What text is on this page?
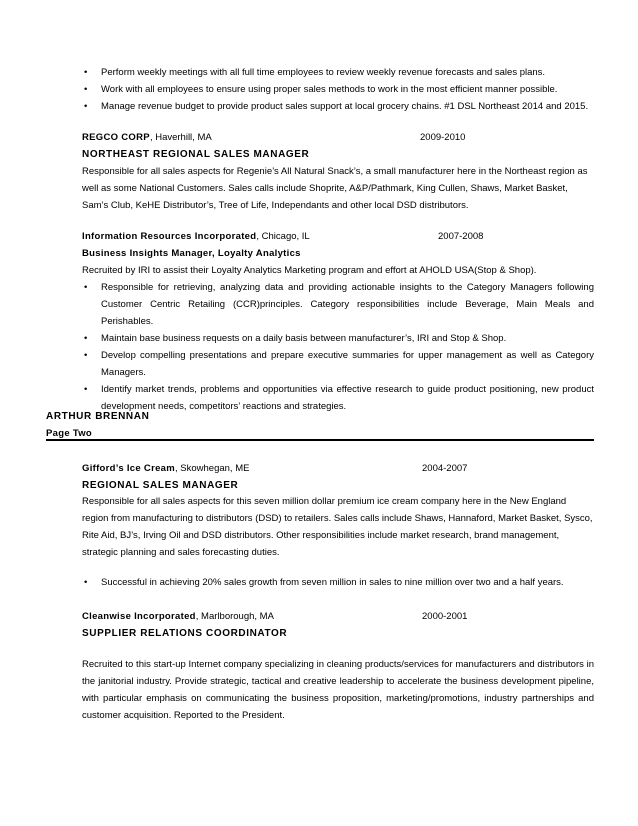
• Perform weekly meetings with all full time employees to review weekly revenue forecasts and sales plans.
• Work with all employees to ensure using proper sales methods to work in the most efficient manner possible.
• Manage revenue budget to provide product sales support at local grocery chains. #1 DSL Northeast 2014 and 2015.
REGCO CORP, Haverhill, MA	2009-2010
NORTHEAST REGIONAL SALES MANAGER
Responsible for all sales aspects for Regenie’s All Natural Snack’s, a small manufacturer here in the Northeast region as well as some National Customers. Sales calls include Shoprite, A&P/Pathmark, King Cullen, Shaws, Market Basket, Sam’s Club, KeHE Distributor’s, Tree of Life, Independants and other local DSD distributors.
Information Resources Incorporated, Chicago, IL	2007-2008
Business Insights Manager, Loyalty Analytics
Recruited by IRI to assist their Loyalty Analytics Marketing program and effort at AHOLD USA(Stop & Shop).
• Responsible for retrieving, analyzing data and providing actionable insights to the Category Managers following Customer Centric Retailing (CCR)principles. Category responsibilities include Beverage, Main Meals and Perishables.
• Maintain base business requests on a daily basis between manufacturer’s, IRI and Stop & Shop.
• Develop compelling presentations and prepare executive summaries for upper management as well as Category Managers.
• Identify market trends, problems and opportunities via effective research to guide product positioning, new product development needs, competitors’ reactions and strategies.
ARTHUR BRENNAN
Page Two
Gifford’s Ice Cream, Skowhegan, ME	2004-2007
REGIONAL SALES MANAGER
Responsible for all sales aspects for this seven million dollar premium ice cream company here in the New England region from manufacturing to distributors (DSD) to retailers. Sales calls include Shaws, Hannaford, Market Basket, Sysco, Rite Aid, BJ’s, Irving Oil and DSD distributors. Other responsibilities include market research, brand management, strategic planning and sales forecasting duties.
• Successful in achieving 20% sales growth from seven million in sales to nine million over two and a half years.
Cleanwise Incorporated, Marlborough, MA	2000-2001
SUPPLIER RELATIONS COORDINATOR
Recruited to this start-up Internet company specializing in cleaning products/services for manufacturers and distributors in the janitorial industry. Provide strategic, tactical and creative leadership to accelerate the business development pipeline, with particular emphasis on communicating the business proposition, marketing/promotions, industry partnerships and customer acquisition. Reported to the President.
